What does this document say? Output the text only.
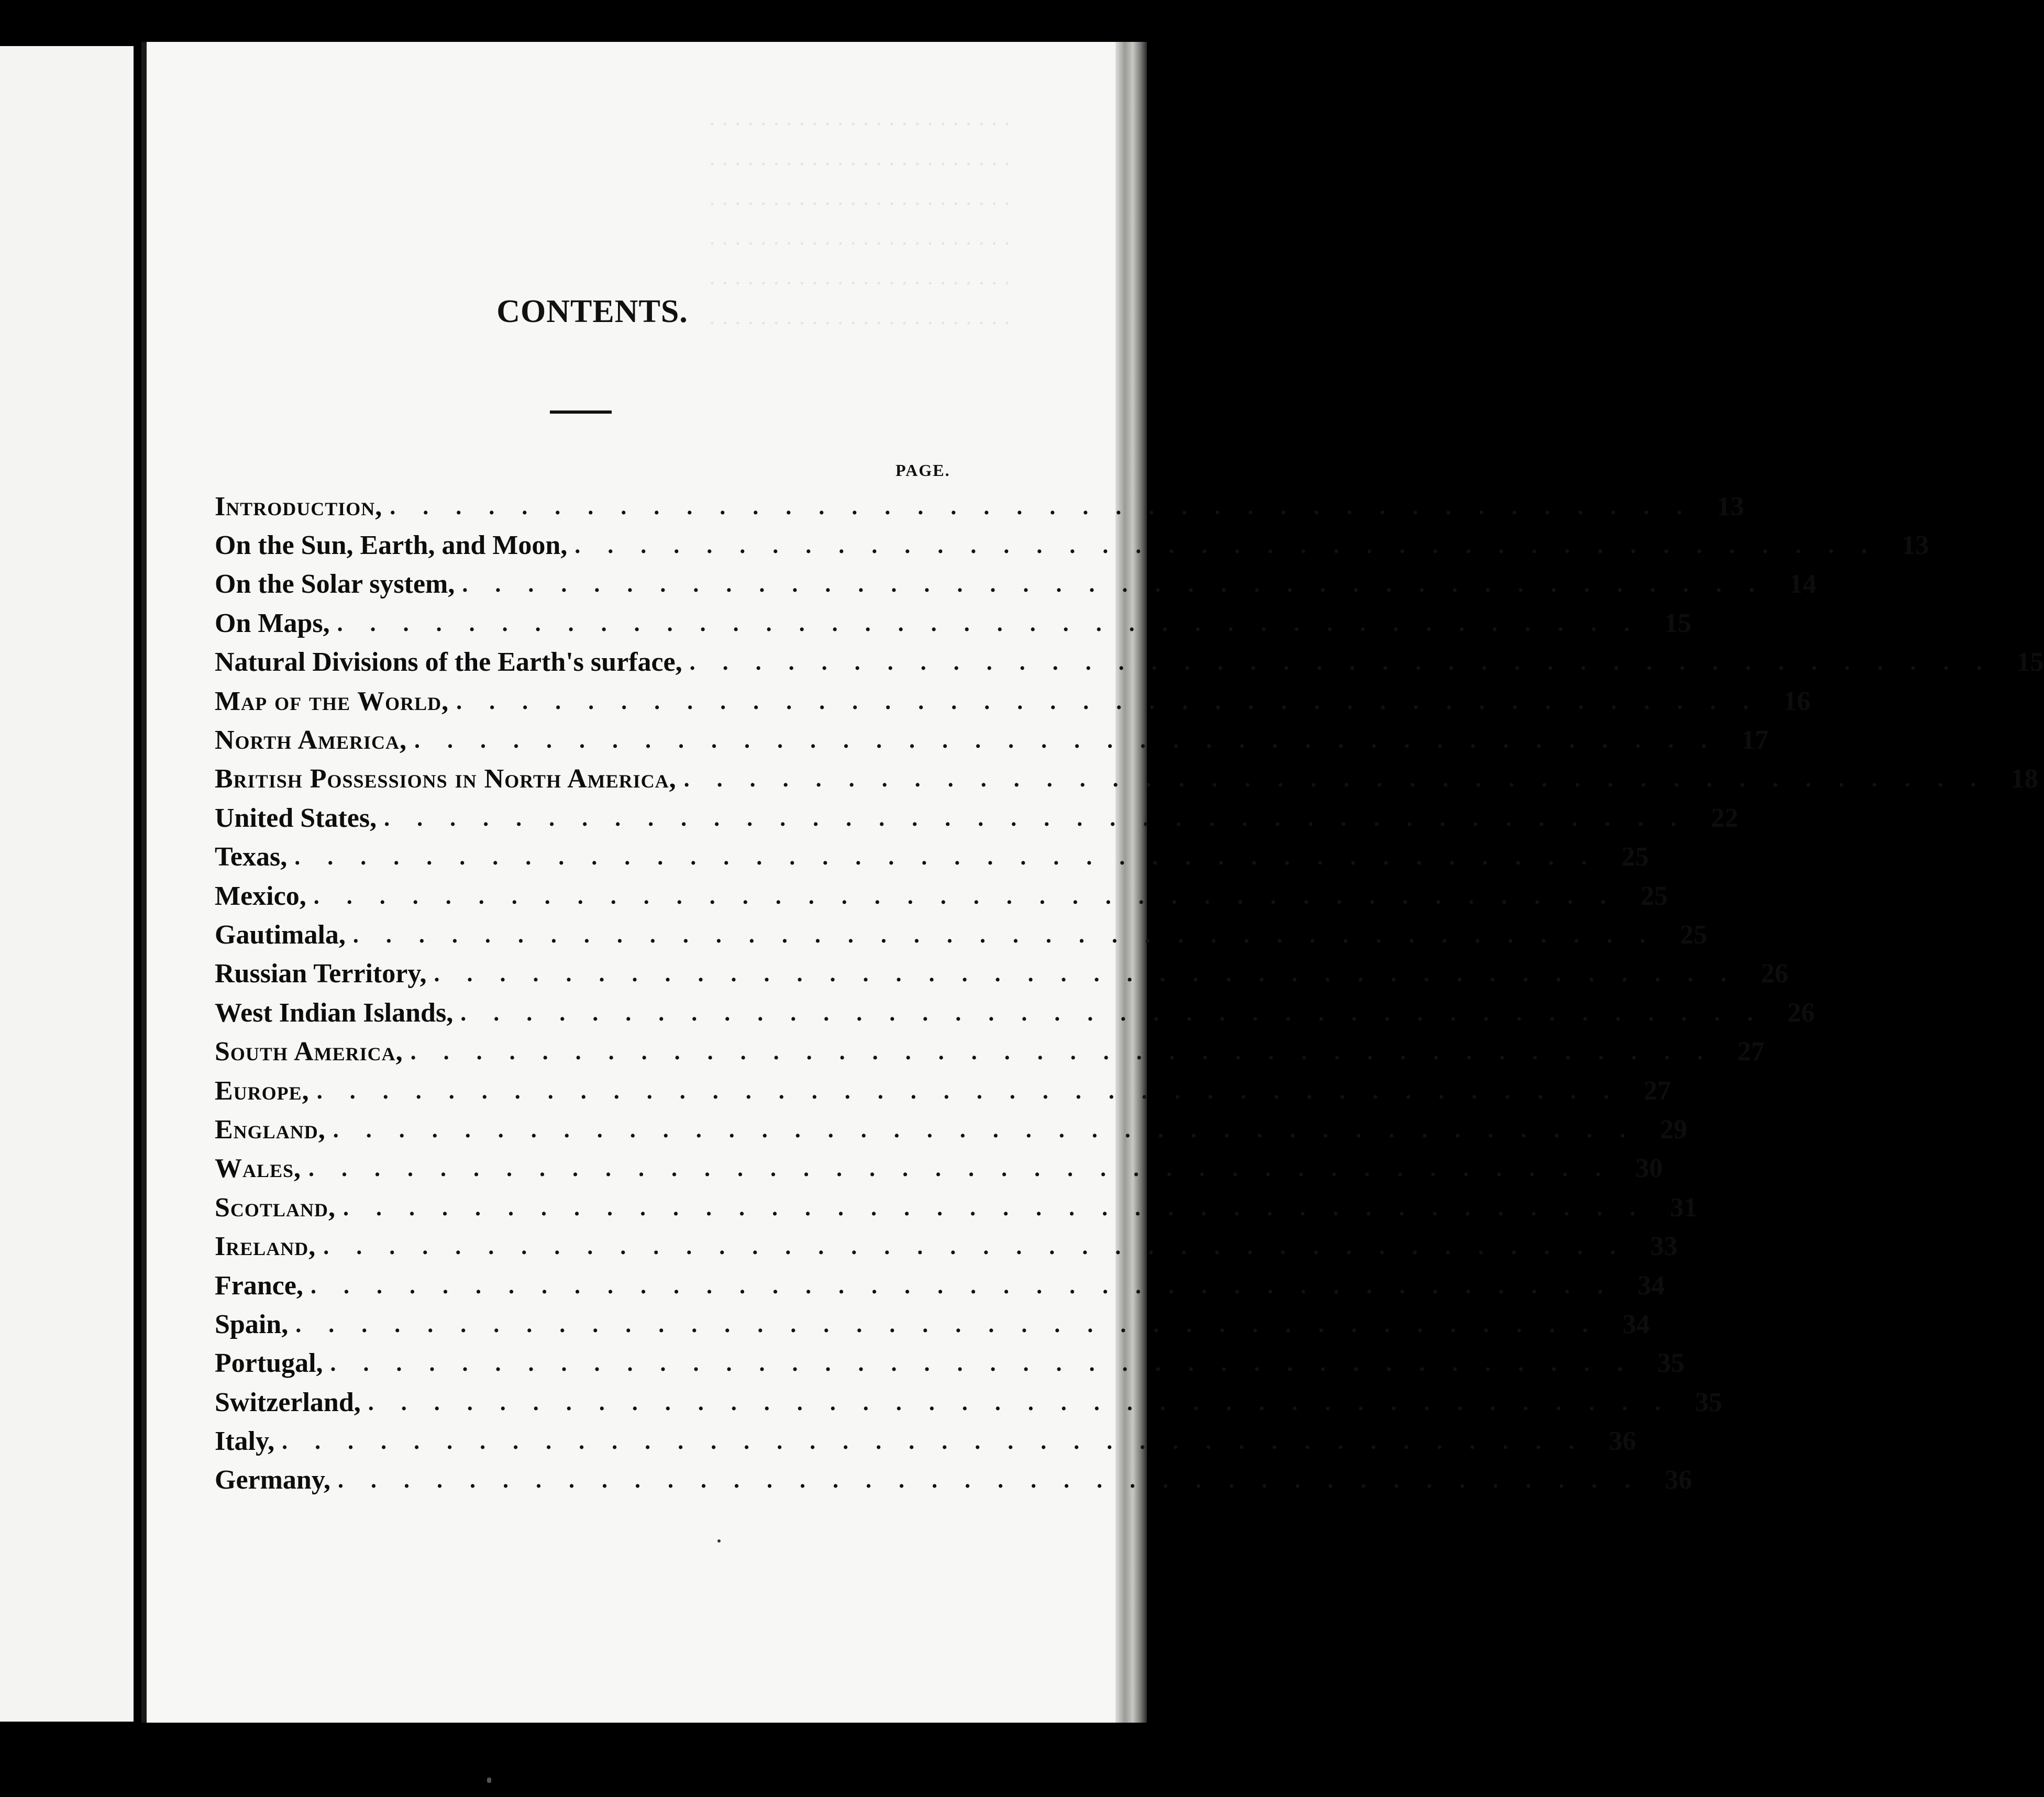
CONTENTS.
PAGE.
Introduction, ........................................ 13
On the Sun, Earth, and Moon, ........................................ 13
On the Solar system, ........................................ 14
On Maps, ........................................ 15
Natural Divisions of the Earth's surface, ........................................ 15
Map of the World, ........................................ 16
North America, ........................................ 17
British Possessions in North America, ........................................ 18
United States, ........................................ 22
Texas, ........................................ 25
Mexico, ........................................ 25
Gautimala, ........................................ 25
Russian Territory, ........................................ 26
West Indian Islands, ........................................ 26
South America, ........................................ 27
Europe, ........................................ 27
England, ........................................ 29
Wales, ........................................ 30
Scotland, ........................................ 31
Ireland, ........................................ 33
France, ........................................ 34
Spain, ........................................ 34
Portugal, ........................................ 35
Switzerland, ........................................ 35
Italy, ........................................ 36
Germany, ........................................ 36
